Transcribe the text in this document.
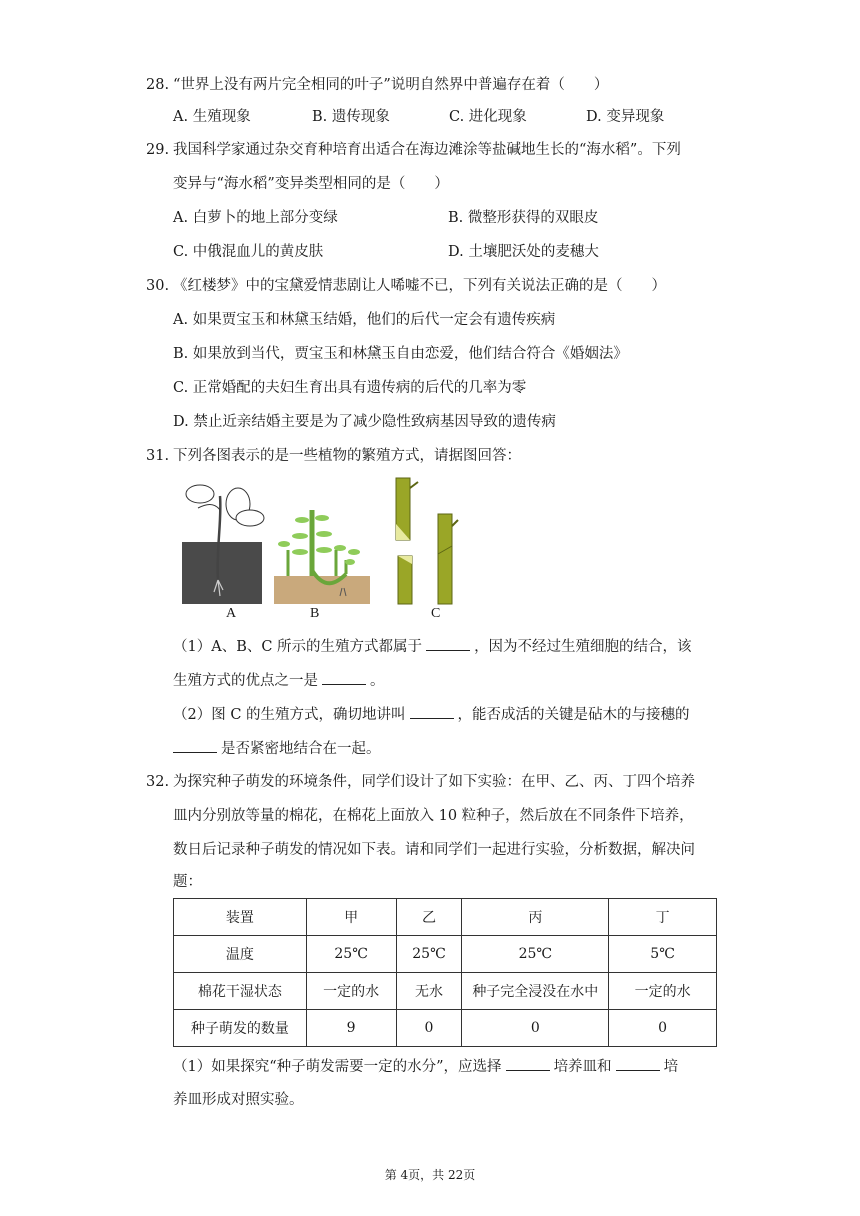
28. “世界上没有两片完全相同的叶子”说明自然界中普遍存在着（　　）
A. 生殖现象	B. 遗传现象	C. 进化现象	D. 变异现象
29. 我国科学家通过杂交育种培育出适合在海边滩涂等盐碱地生长的“海水稻”。下列
变异与“海水稻”变异类型相同的是（　　）
A. 白萝卜的地上部分变绿	B. 微整形获得的双眼皮
C. 中俄混血儿的黄皮肤	D. 土壤肥沃处的麦穗大
30. 《红楼梦》中的宝黛爱情悲剧让人唏嘘不已，下列有关说法正确的是（　　）
A. 如果贾宝玉和林黛玉结婚，他们的后代一定会有遗传疾病
B. 如果放到当代，贾宝玉和林黛玉自由恋爱，他们结合符合《婚姻法》
C. 正常婚配的夫妇生育出具有遗传病的后代的几率为零
D. 禁止近亲结婚主要是为了减少隐性致病基因导致的遗传病
31. 下列各图表示的是一些植物的繁殖方式，请据图回答：
A	B	C
（1）A、B、C 所示的生殖方式都属于	，因为不经过生殖细胞的结合，该
生殖方式的优点之一是	。
（2）图 C 的生殖方式，确切地讲叫	，能否成活的关键是砧木的与接穗的
是否紧密地结合在一起。
32. 为探究种子萌发的环境条件，同学们设计了如下实验：在甲、乙、丙、丁四个培养
皿内分别放等量的棉花，在棉花上面放入 10 粒种子，然后放在不同条件下培养，
数日后记录种子萌发的情况如下表。请和同学们一起进行实验，分析数据，解决问
题：
装置	甲	乙	丙	丁
温度	25℃	25℃	25℃	5℃
棉花干湿状态	一定的水	无水	种子完全浸没在水中	一定的水
种子萌发的数量	9	0	0	0
（1）如果探究“种子萌发需要一定的水分”，应选择	培养皿和	培
养皿形成对照实验。
第 4页，共 22页
